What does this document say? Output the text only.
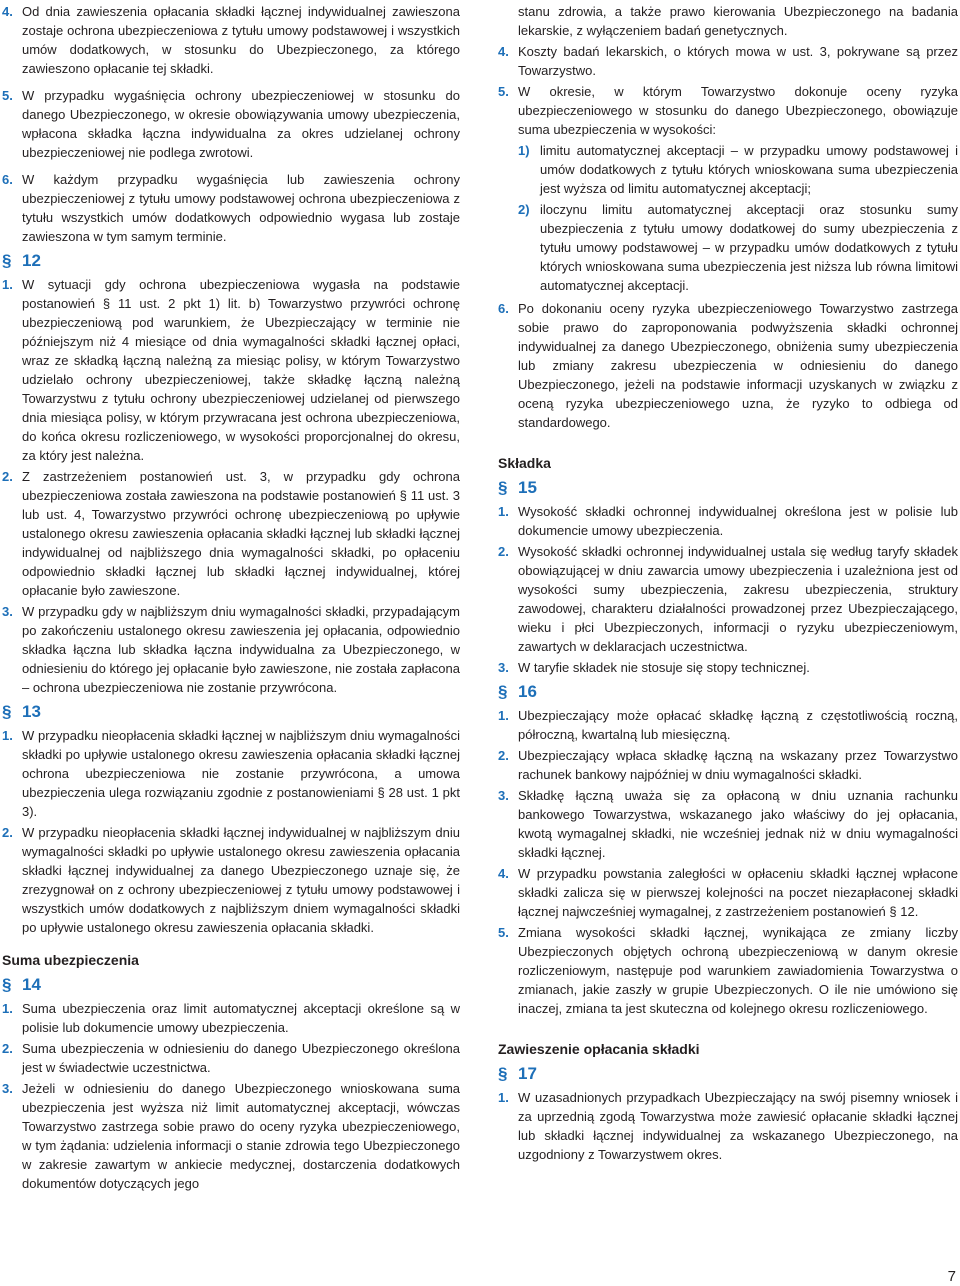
4. Od dnia zawieszenia opłacania składki łącznej indywidualnej zawieszona zostaje ochrona ubezpieczeniowa z tytułu umowy podstawowej i wszystkich umów dodatkowych, w stosunku do Ubezpieczonego, za którego zawieszono opłacanie tej składki.
5. W przypadku wygaśnięcia ochrony ubezpieczeniowej w stosunku do danego Ubezpieczonego, w okresie obowiązywania umowy ubezpieczenia, wpłacona składka łączna indywidualna za okres udzielanej ochrony ubezpieczeniowej nie podlega zwrotowi.
6. W każdym przypadku wygaśnięcia lub zawieszenia ochrony ubezpieczeniowej z tytułu umowy podstawowej ochrona ubezpieczeniowa z tytułu wszystkich umów dodatkowych odpowiednio wygasa lub zostaje zawieszona w tym samym terminie.
§ 12
1. W sytuacji gdy ochrona ubezpieczeniowa wygasła na podstawie postanowień § 11 ust. 2 pkt 1) lit. b) Towarzystwo przywróci ochronę ubezpieczeniową pod warunkiem, że Ubezpieczający w terminie nie późniejszym niż 4 miesiące od dnia wymagalności składki łącznej opłaci, wraz ze składką łączną należną za miesiąc polisy, w którym Towarzystwo udzielało ochrony ubezpieczeniowej, także składkę łączną należną Towarzystwu z tytułu ochrony ubezpieczeniowej udzielanej od pierwszego dnia miesiąca polisy, w którym przywracana jest ochrona ubezpieczeniowa, do końca okresu rozliczeniowego, w wysokości proporcjonalnej do okresu, za który jest należna.
2. Z zastrzeżeniem postanowień ust. 3, w przypadku gdy ochrona ubezpieczeniowa została zawieszona na podstawie postanowień § 11 ust. 3 lub ust. 4, Towarzystwo przywróci ochronę ubezpieczeniową po upływie ustalonego okresu zawieszenia opłacania składki łącznej lub składki łącznej indywidualnej od najbliższego dnia wymagalności składki, po opłaceniu odpowiednio składki łącznej lub składki łącznej indywidualnej, której opłacanie było zawieszone.
3. W przypadku gdy w najbliższym dniu wymagalności składki, przypadającym po zakończeniu ustalonego okresu zawieszenia jej opłacania, odpowiednio składka łączna lub składka łączna indywidualna za Ubezpieczonego, w odniesieniu do którego jej opłacanie było zawieszone, nie została zapłacona – ochrona ubezpieczeniowa nie zostanie przywrócona.
§ 13
1. W przypadku nieopłacenia składki łącznej w najbliższym dniu wymagalności składki po upływie ustalonego okresu zawieszenia opłacania składki łącznej ochrona ubezpieczeniowa nie zostanie przywrócona, a umowa ubezpieczenia ulega rozwiązaniu zgodnie z postanowieniami § 28 ust. 1 pkt 3).
2. W przypadku nieopłacenia składki łącznej indywidualnej w najbliższym dniu wymagalności składki po upływie ustalonego okresu zawieszenia opłacania składki łącznej indywidualnej za danego Ubezpieczonego uznaje się, że zrezygnował on z ochrony ubezpieczeniowej z tytułu umowy podstawowej i wszystkich umów dodatkowych z najbliższym dniem wymagalności składki po upływie ustalonego okresu zawieszenia opłacania składki.
Suma ubezpieczenia
§ 14
1. Suma ubezpieczenia oraz limit automatycznej akceptacji określone są w polisie lub dokumencie umowy ubezpieczenia.
2. Suma ubezpieczenia w odniesieniu do danego Ubezpieczonego określona jest w świadectwie uczestnictwa.
3. Jeżeli w odniesieniu do danego Ubezpieczonego wnioskowana suma ubezpieczenia jest wyższa niż limit automatycznej akceptacji, wówczas Towarzystwo zastrzega sobie prawo do oceny ryzyka ubezpieczeniowego, w tym żądania: udzielenia informacji o stanie zdrowia tego Ubezpieczonego w zakresie zawartym w ankiecie medycznej, dostarczenia dodatkowych dokumentów dotyczących jego
stanu zdrowia, a także prawo kierowania Ubezpieczonego na badania lekarskie, z wyłączeniem badań genetycznych.
4. Koszty badań lekarskich, o których mowa w ust. 3, pokrywane są przez Towarzystwo.
5. W okresie, w którym Towarzystwo dokonuje oceny ryzyka ubezpieczeniowego w stosunku do danego Ubezpieczonego, obowiązuje suma ubezpieczenia w wysokości:
1) limitu automatycznej akceptacji – w przypadku umowy podstawowej i umów dodatkowych z tytułu których wnioskowana suma ubezpieczenia jest wyższa od limitu automatycznej akceptacji;
2) iloczynu limitu automatycznej akceptacji oraz stosunku sumy ubezpieczenia z tytułu umowy dodatkowej do sumy ubezpieczenia z tytułu umowy podstawowej – w przypadku umów dodatkowych z tytułu których wnioskowana suma ubezpieczenia jest niższa lub równa limitowi automatycznej akceptacji.
6. Po dokonaniu oceny ryzyka ubezpieczeniowego Towarzystwo zastrzega sobie prawo do zaproponowania podwyższenia składki ochronnej indywidualnej za danego Ubezpieczonego, obniżenia sumy ubezpieczenia lub zmiany zakresu ubezpieczenia w odniesieniu do danego Ubezpieczonego, jeżeli na podstawie informacji uzyskanych w związku z oceną ryzyka ubezpieczeniowego uzna, że ryzyko to odbiega od standardowego.
Składka
§ 15
1. Wysokość składki ochronnej indywidualnej określona jest w polisie lub dokumencie umowy ubezpieczenia.
2. Wysokość składki ochronnej indywidualnej ustala się według taryfy składek obowiązującej w dniu zawarcia umowy ubezpieczenia i uzależniona jest od wysokości sumy ubezpieczenia, zakresu ubezpieczenia, struktury zawodowej, charakteru działalności prowadzonej przez Ubezpieczającego, wieku i płci Ubezpieczonych, informacji o ryzyku ubezpieczeniowym, zawartych w deklaracjach uczestnictwa.
3. W taryfie składek nie stosuje się stopy technicznej.
§ 16
1. Ubezpieczający może opłacać składkę łączną z częstotliwością roczną, półroczną, kwartalną lub miesięczną.
2. Ubezpieczający wpłaca składkę łączną na wskazany przez Towarzystwo rachunek bankowy najpóźniej w dniu wymagalności składki.
3. Składkę łączną uważa się za opłaconą w dniu uznania rachunku bankowego Towarzystwa, wskazanego jako właściwy do jej opłacania, kwotą wymagalnej składki, nie wcześniej jednak niż w dniu wymagalności składki łącznej.
4. W przypadku powstania zaległości w opłaceniu składki łącznej wpłacone składki zalicza się w pierwszej kolejności na poczet niezapłaconej składki łącznej najwcześniej wymagalnej, z zastrzeżeniem postanowień § 12.
5. Zmiana wysokości składki łącznej, wynikająca ze zmiany liczby Ubezpieczonych objętych ochroną ubezpieczeniową w danym okresie rozliczeniowym, następuje pod warunkiem zawiadomienia Towarzystwa o zmianach, jakie zaszły w grupie Ubezpieczonych. O ile nie umówiono się inaczej, zmiana ta jest skuteczna od kolejnego okresu rozliczeniowego.
Zawieszenie opłacania składki
§ 17
1. W uzasadnionych przypadkach Ubezpieczający na swój pisemny wniosek i za uprzednią zgodą Towarzystwa może zawiesić opłacanie składki łącznej lub składki łącznej indywidualnej za wskazanego Ubezpieczonego, na uzgodniony z Towarzystwem okres.
7
